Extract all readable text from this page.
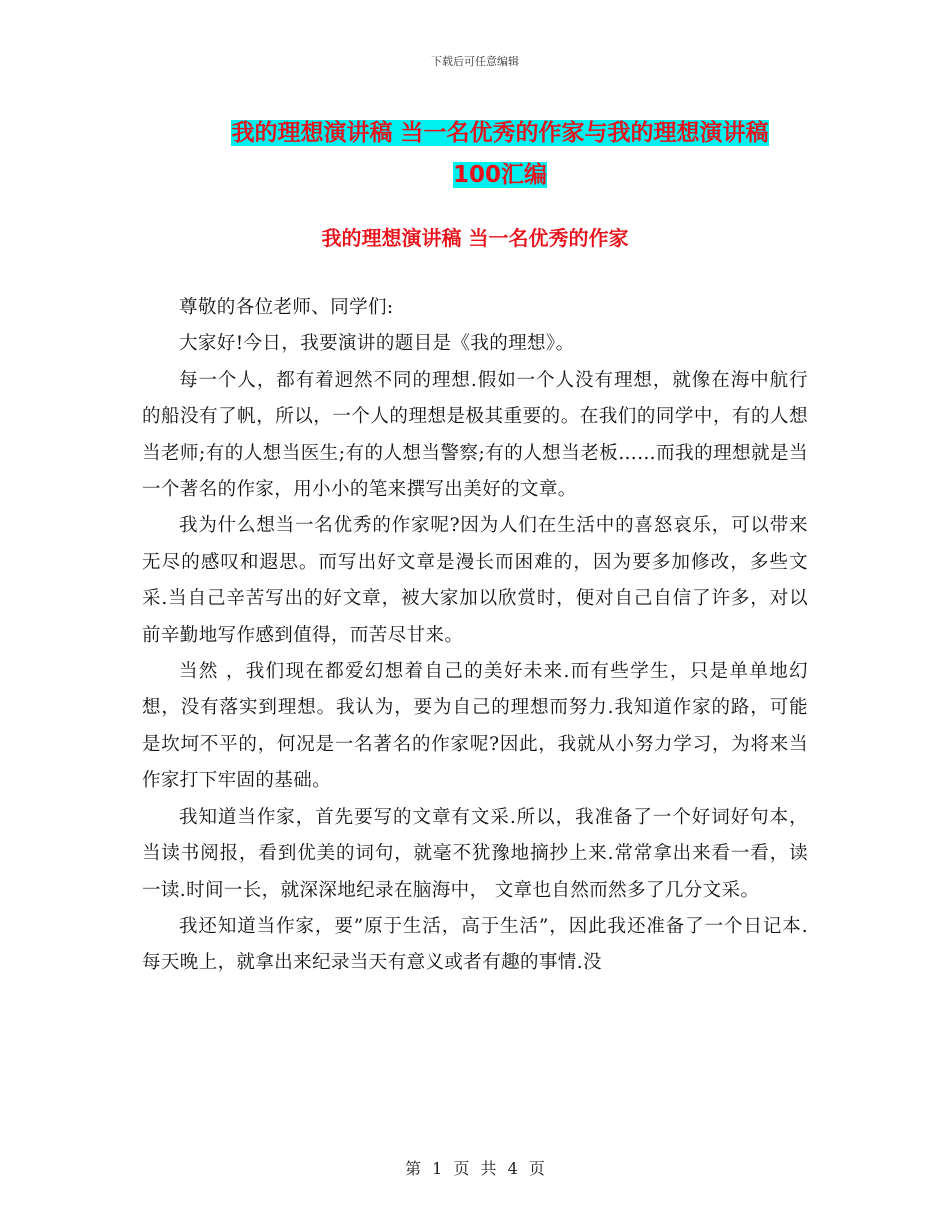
下载后可任意编辑
我的理想演讲稿 当一名优秀的作家与我的理想演讲稿
100汇编
我的理想演讲稿 当一名优秀的作家

尊敬的各位老师、同学们:

大家好!今日，我要演讲的题目是《我的理想》。

每一个人，都有着迥然不同的理想.假如一个人没有理想，就像在海中航行的船没有了帆，所以，一个人的理想是极其重要的。在我们的同学中，有的人想当老师;有的人想当医生;有的人想当警察;有的人想当老板……而我的理想就是当一个著名的作家，用小小的笔来撰写出美好的文章。

我为什么想当一名优秀的作家呢?因为人们在生活中的喜怒哀乐，可以带来无尽的感叹和遐思。而写出好文章是漫长而困难的，因为要多加修改，多些文采.当自己辛苦写出的好文章，被大家加以欣赏时，便对自己自信了许多，对以前辛勤地写作感到值得，而苦尽甘来。

当然 ，我们现在都爱幻想着自己的美好未来.而有些学生，只是单单地幻想，没有落实到理想。我认为，要为自己的理想而努力.我知道作家的路，可能是坎坷不平的，何况是一名著名的作家呢?因此，我就从小努力学习，为将来当作家打下牢固的基础。

我知道当作家，首先要写的文章有文采.所以，我准备了一个好词好句本，当读书阅报，看到优美的词句，就毫不犹豫地摘抄上来.常常拿出来看一看，读一读.时间一长，就深深地纪录在脑海中， 文章也自然而然多了几分文采。

我还知道当作家，要”原于生活，高于生活”，因此我还准备了一个日记本.每天晚上，就拿出来纪录当天有意义或者有趣的事情.没

第 1 页 共 4 页
